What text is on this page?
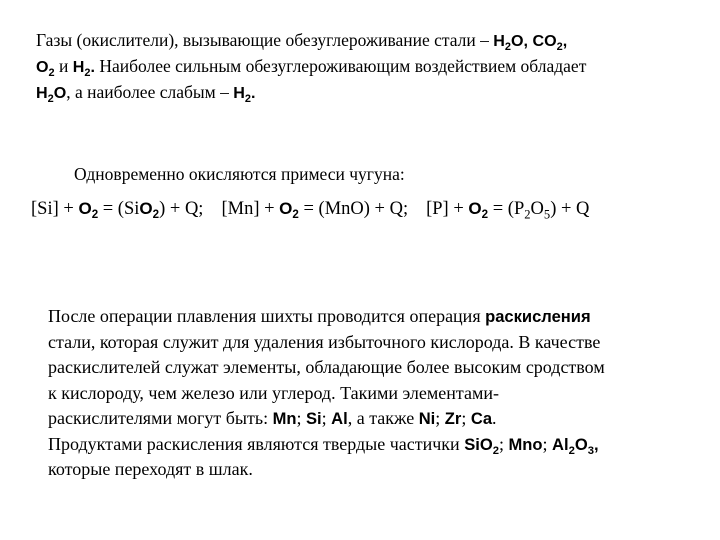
Газы (окислители), вызывающие обезуглероживание стали – $H_2O$, $CO_2$,
$O_2$ и $H_2$. Наиболее сильным обезуглероживающим воздействием обладает
$H_2O$, а наиболее слабым – $H_2$.
Одновременно окисляются примеси чугуна:
$[Si] + O_2 = (SiO_2) + Q$; $[Mn] + O_2 = (MnO) + Q$; $[P] + O_2 = (P_2O_5) + Q$
После операции плавления шихты проводится операция раскисления
стали, которая служит для удаления избыточного кислорода. В качестве
раскислителей служат элементы, обладающие более высоким сродством
к кислороду, чем железо или углерод. Такими элементами-
раскислителями могут быть: Mn; Si; Al, а также Ni; Zr; Ca.
Продуктами раскисления являются твердые частички SiO$_2$; Mno; $Al_2O_3$,
которые переходят в шлак.
